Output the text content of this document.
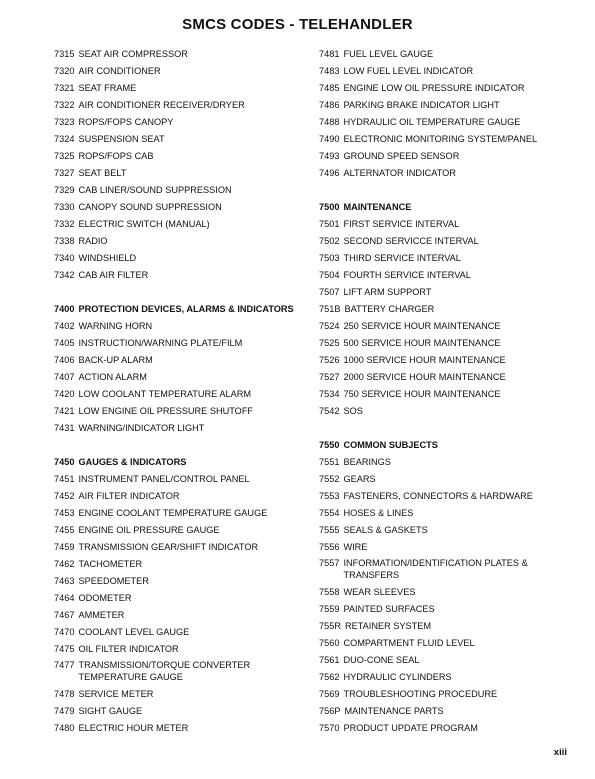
SMCS CODES - TELEHANDLER
7315 SEAT AIR COMPRESSOR
7320 AIR CONDITIONER
7321 SEAT FRAME
7322 AIR CONDITIONER RECEIVER/DRYER
7323 ROPS/FOPS CANOPY
7324 SUSPENSION SEAT
7325 ROPS/FOPS CAB
7327 SEAT BELT
7329 CAB LINER/SOUND SUPPRESSION
7330 CANOPY SOUND SUPPRESSION
7332 ELECTRIC SWITCH (MANUAL)
7338 RADIO
7340 WINDSHIELD
7342 CAB AIR FILTER
7400 PROTECTION DEVICES, ALARMS & INDICATORS
7402 WARNING HORN
7405 INSTRUCTION/WARNING PLATE/FILM
7406 BACK-UP ALARM
7407 ACTION ALARM
7420 LOW COOLANT TEMPERATURE ALARM
7421 LOW ENGINE OIL PRESSURE SHUTOFF
7431 WARNING/INDICATOR LIGHT
7450 GAUGES & INDICATORS
7451 INSTRUMENT PANEL/CONTROL PANEL
7452 AIR FILTER INDICATOR
7453 ENGINE COOLANT TEMPERATURE GAUGE
7455 ENGINE OIL PRESSURE GAUGE
7459 TRANSMISSION GEAR/SHIFT INDICATOR
7462 TACHOMETER
7463 SPEEDOMETER
7464 ODOMETER
7467 AMMETER
7470 COOLANT LEVEL GAUGE
7475 OIL FILTER INDICATOR
7477 TRANSMISSION/TORQUE CONVERTER TEMPERATURE GAUGE
7478 SERVICE METER
7479 SIGHT GAUGE
7480 ELECTRIC HOUR METER
7481 FUEL LEVEL GAUGE
7483 LOW FUEL LEVEL INDICATOR
7485 ENGINE LOW OIL PRESSURE INDICATOR
7486 PARKING BRAKE INDICATOR LIGHT
7488 HYDRAULIC OIL TEMPERATURE GAUGE
7490 ELECTRONIC MONITORING SYSTEM/PANEL
7493 GROUND SPEED SENSOR
7496 ALTERNATOR INDICATOR
7500 MAINTENANCE
7501 FIRST SERVICE INTERVAL
7502 SECOND SERVICCE INTERVAL
7503 THIRD SERVICE INTERVAL
7504 FOURTH SERVICE INTERVAL
7507 LIFT ARM SUPPORT
751B BATTERY CHARGER
7524 250 SERVICE HOUR MAINTENANCE
7525 500 SERVICE HOUR MAINTENANCE
7526 1000 SERVICE HOUR MAINTENANCE
7527 2000 SERVICE HOUR MAINTENANCE
7534 750 SERVICE HOUR MAINTENANCE
7542 SOS
7550 COMMON SUBJECTS
7551 BEARINGS
7552 GEARS
7553 FASTENERS, CONNECTORS & HARDWARE
7554 HOSES & LINES
7555 SEALS & GASKETS
7556 WIRE
7557 INFORMATION/IDENTIFICATION PLATES & TRANSFERS
7558 WEAR SLEEVES
7559 PAINTED SURFACES
755R RETAINER SYSTEM
7560 COMPARTMENT FLUID LEVEL
7561 DUO-CONE SEAL
7562 HYDRAULIC CYLINDERS
7569 TROUBLESHOOTING PROCEDURE
756P MAINTENANCE PARTS
7570 PRODUCT UPDATE PROGRAM
xiii
